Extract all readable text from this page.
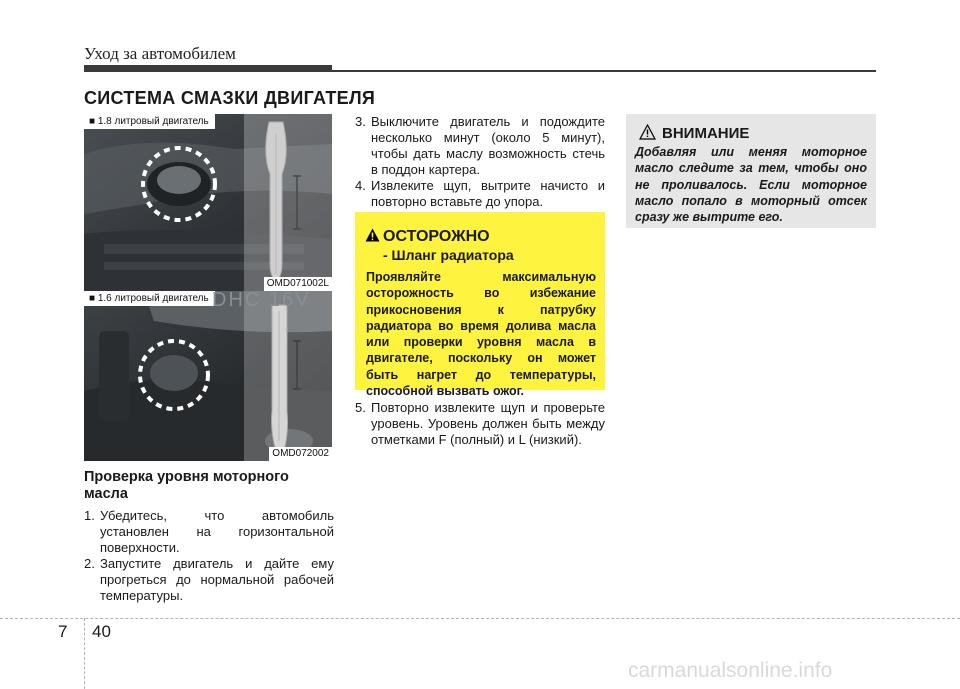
Уход за автомобилем
СИСТЕМА СМАЗКИ ДВИГАТЕЛЯ
■ 1.8 литровый двигатель
OMD071002L
■ 1.6 литровый двигатель DHC 16V
OMD072002
Проверка уровня моторного масла
1. Убедитесь, что автомобиль установлен на горизонтальной поверхности.
2. Запустите двигатель и дайте ему прогреться до нормальной рабочей температуры.
3. Выключите двигатель и подождите несколько минут (около 5 минут), чтобы дать маслу возможность стечь в поддон картера.
4. Извлеките щуп, вытрите начисто и повторно вставьте до упора.
ОСТОРОЖНО
- Шланг радиатора
Проявляйте максимальную осторожность во избежание прикосновения к патрубку радиатора во время долива масла или проверки уровня масла в двигателе, поскольку он может быть нагрет до температуры, способной вызвать ожог.
5. Повторно извлеките щуп и проверьте уровень. Уровень должен быть между отметками F (полный) и L (низкий).
ВНИМАНИЕ
Добавляя или меняя моторное масло следите за тем, чтобы оно не проливалось. Если моторное масло попало в моторный отсек сразу же вытрите его.
7 40
carmanualsonline.info
